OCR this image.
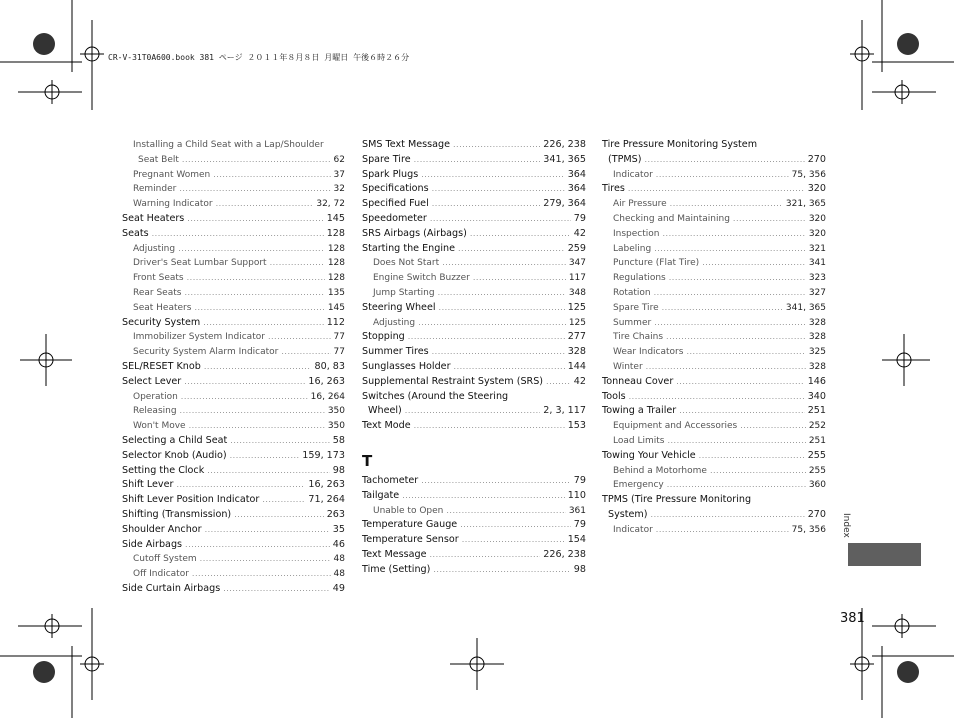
CR-V-31T0A600.book 381 ページ ２０１１年８月８日 月曜日 午後６時２６分
Installing a Child Seat with a Lap/Shoulder
Seat Belt .....	62
Pregnant Women .....	37
Reminder .....	32
Warning Indicator .....	32, 72
Seat Heaters .....	145
Seats .....	128
Adjusting .....	128
Driver's Seat Lumbar Support .....	128
Front Seats .....	128
Rear Seats .....	135
Seat Heaters .....	145
Security System .....	112
Immobilizer System Indicator .....	77
Security System Alarm Indicator .....	77
SEL/RESET Knob .....	80, 83
Select Lever .....	16, 263
Operation .....	16, 264
Releasing .....	350
Won't Move .....	350
Selecting a Child Seat .....	58
Selector Knob (Audio) .....	159, 173
Setting the Clock .....	98
Shift Lever .....	16, 263
Shift Lever Position Indicator .....	71, 264
Shifting (Transmission) .....	263
Shoulder Anchor .....	35
Side Airbags .....	46
Cutoff System .....	48
Off Indicator .....	48
Side Curtain Airbags .....	49
SMS Text Message .....	226, 238
Spare Tire .....	341, 365
Spark Plugs .....	364
Specifications .....	364
Specified Fuel .....	279, 364
Speedometer .....	79
SRS Airbags (Airbags) .....	42
Starting the Engine .....	259
Does Not Start .....	347
Engine Switch Buzzer .....	117
Jump Starting .....	348
Steering Wheel .....	125
Adjusting .....	125
Stopping .....	277
Summer Tires .....	328
Sunglasses Holder .....	144
Supplemental Restraint System (SRS) .....	42
Switches (Around the Steering
Wheel) .....	2, 3, 117
Text Mode .....	153
T
Tachometer .....	79
Tailgate .....	110
Unable to Open .....	361
Temperature Gauge .....	79
Temperature Sensor .....	154
Text Message .....	226, 238
Time (Setting) .....	98
Tire Pressure Monitoring System
(TPMS) .....	270
Indicator .....	75, 356
Tires .....	320
Air Pressure .....	321, 365
Checking and Maintaining .....	320
Inspection .....	320
Labeling .....	321
Puncture (Flat Tire) .....	341
Regulations .....	323
Rotation .....	327
Spare Tire .....	341, 365
Summer .....	328
Tire Chains .....	328
Wear Indicators .....	325
Winter .....	328
Tonneau Cover .....	146
Tools .....	340
Towing a Trailer .....	251
Equipment and Accessories .....	252
Load Limits .....	251
Towing Your Vehicle .....	255
Behind a Motorhome .....	255
Emergency .....	360
TPMS (Tire Pressure Monitoring
System) .....	270
Indicator .....	75, 356 Index
381
